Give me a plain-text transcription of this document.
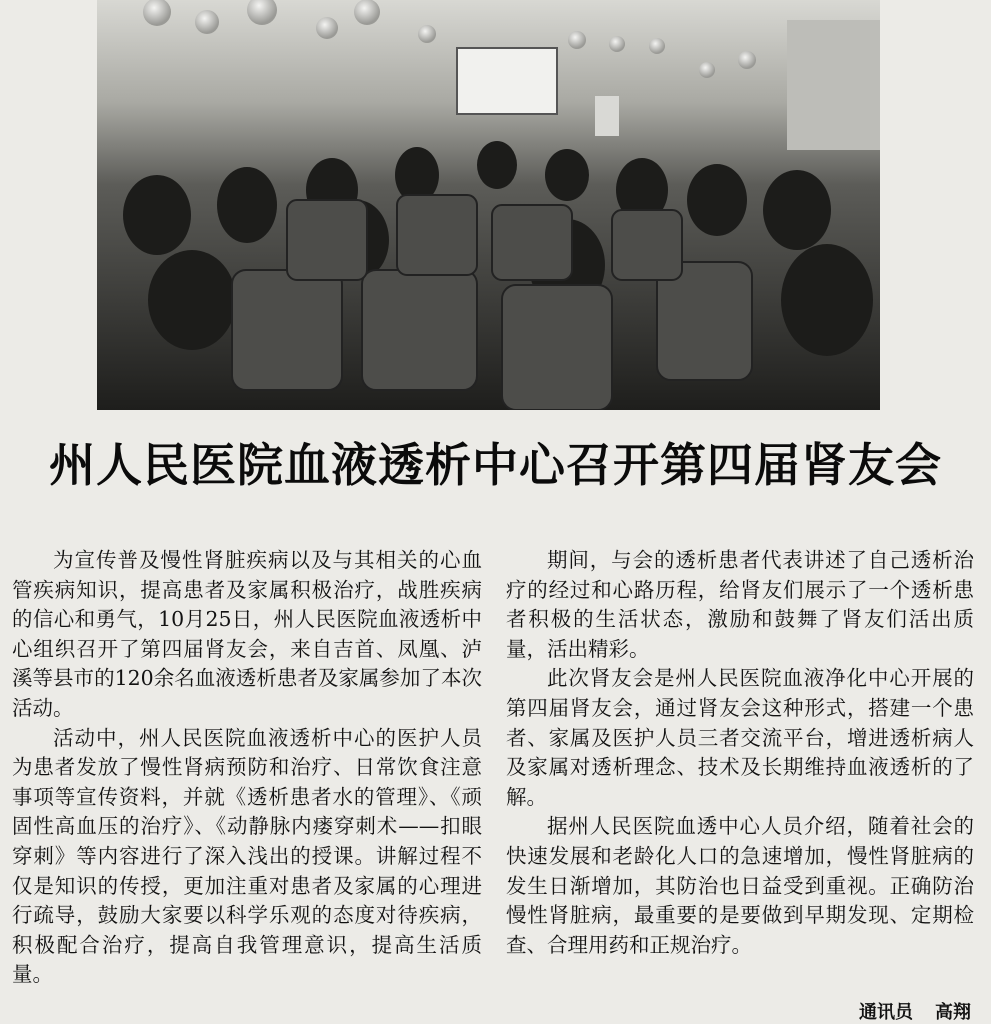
州人民医院血液透析中心召开第四届肾友会

为宣传普及慢性肾脏疾病以及与其相关的心血管疾病知识，提高患者及家属积极治疗，战胜疾病的信心和勇气，10月25日，州人民医院血液透析中心组织召开了第四届肾友会，来自吉首、凤凰、泸溪等县市的120余名血液透析患者及家属参加了本次活动。

活动中，州人民医院血液透析中心的医护人员为患者发放了慢性肾病预防和治疗、日常饮食注意事项等宣传资料，并就《透析患者水的管理》、《顽固性高血压的治疗》、《动静脉内瘘穿刺术——扣眼穿刺》等内容进行了深入浅出的授课。讲解过程不仅是知识的传授，更加注重对患者及家属的心理进行疏导，鼓励大家要以科学乐观的态度对待疾病，积极配合治疗，提高自我管理意识，提高生活质量。

期间，与会的透析患者代表讲述了自己透析治疗的经过和心路历程，给肾友们展示了一个透析患者积极的生活状态，激励和鼓舞了肾友们活出质量，活出精彩。

此次肾友会是州人民医院血液净化中心开展的第四届肾友会，通过肾友会这种形式，搭建一个患者、家属及医护人员三者交流平台，增进透析病人及家属对透析理念、技术及长期维持血液透析的了解。

据州人民医院血透中心人员介绍，随着社会的快速发展和老龄化人口的急速增加，慢性肾脏病的发生日渐增加，其防治也日益受到重视。正确防治慢性肾脏病，最重要的是要做到早期发现、定期检查、合理用药和正规治疗。

通讯员 高翔
